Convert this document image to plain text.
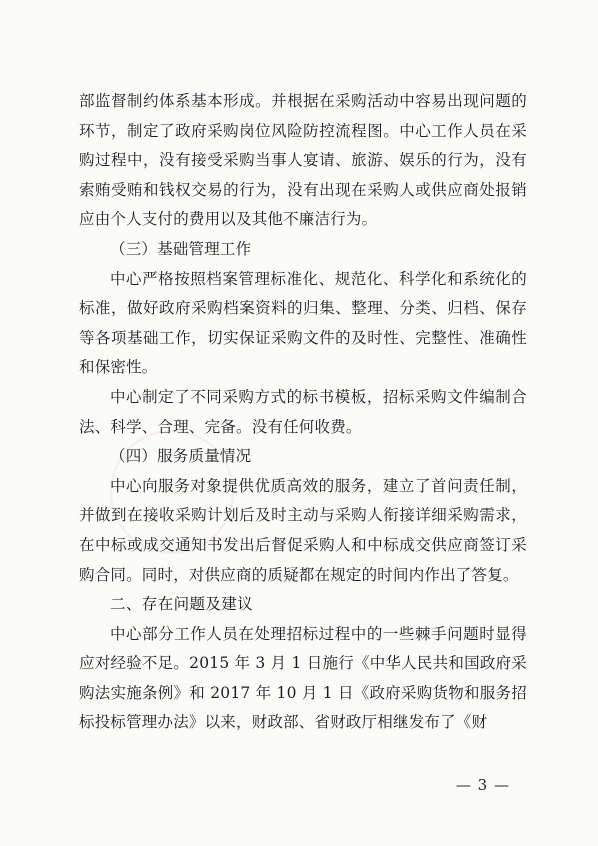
部监督制约体系基本形成。并根据在采购活动中容易出现问题的环节，制定了政府采购岗位风险防控流程图。中心工作人员在采购过程中，没有接受采购当事人宴请、旅游、娱乐的行为，没有索贿受贿和钱权交易的行为，没有出现在采购人或供应商处报销应由个人支付的费用以及其他不廉洁行为。

（三）基础管理工作

中心严格按照档案管理标准化、规范化、科学化和系统化的标准，做好政府采购档案资料的归集、整理、分类、归档、保存等各项基础工作，切实保证采购文件的及时性、完整性、准确性和保密性。

中心制定了不同采购方式的标书模板，招标采购文件编制合法、科学、合理、完备。没有任何收费。

（四）服务质量情况

中心向服务对象提供优质高效的服务，建立了首问责任制，并做到在接收采购计划后及时主动与采购人衔接详细采购需求，在中标或成交通知书发出后督促采购人和中标成交供应商签订采购合同。同时，对供应商的质疑都在规定的时间内作出了答复。

二、存在问题及建议

中心部分工作人员在处理招标过程中的一些棘手问题时显得应对经验不足。2015 年 3 月 1 日施行《中华人民共和国政府采购法实施条例》和 2017 年 10 月 1 日《政府采购货物和服务招标投标管理办法》以来，财政部、省财政厅相继发布了《财

— 3 —
